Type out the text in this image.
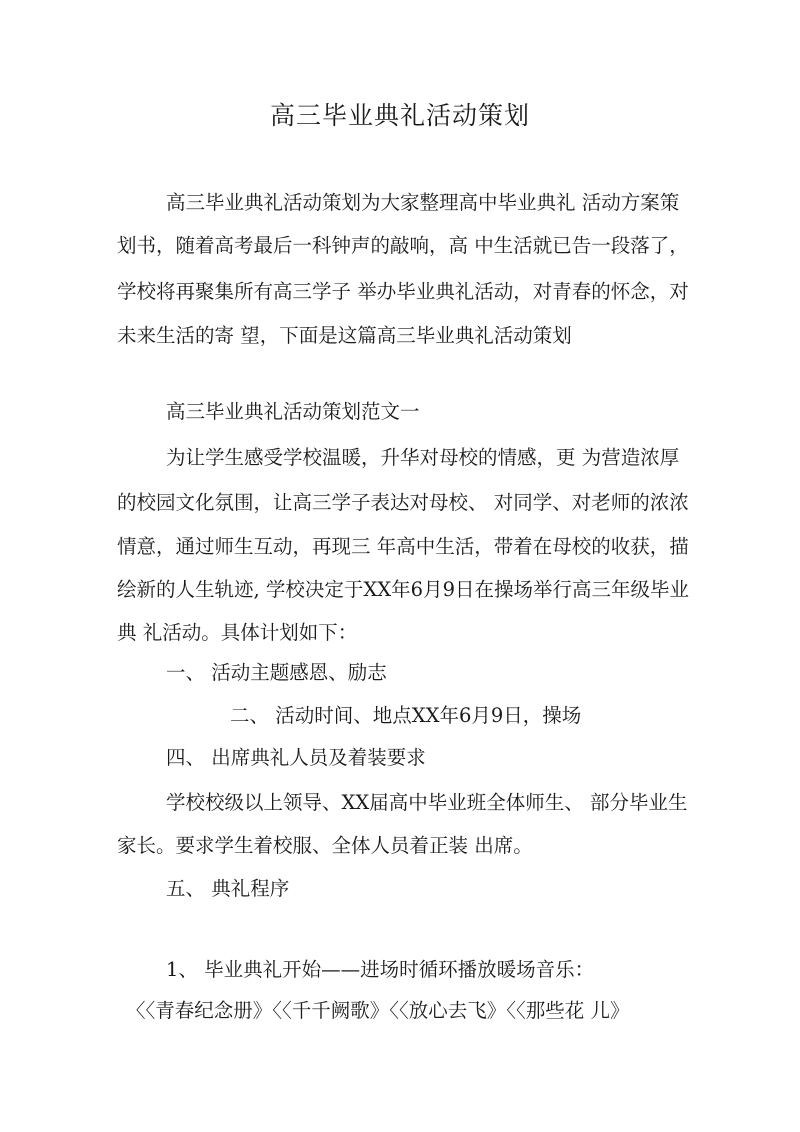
高三毕业典礼活动策划
高三毕业典礼活动策划为大家整理高中毕业典礼 活动方案策
划书，随着高考最后一科钟声的敲响，高 中生活就已告一段落了，
学校将再聚集所有高三学子 举办毕业典礼活动，对青春的怀念，对
未来生活的寄 望，下面是这篇高三毕业典礼活动策划
高三毕业典礼活动策划范文一
为让学生感受学校温暖，升华对母校的情感，更 为营造浓厚
的校园文化氛围，让高三学子表达对母校、 对同学、对老师的浓浓
情意，通过师生互动，再现三 年高中生活，带着在母校的收获，描
绘新的人生轨迹, 学校决定于XX年6月9日在操场举行高三年级毕业
典 礼活动。具体计划如下：
一、 活动主题感恩、励志
二、 活动时间、地点XX年6月9日，操场
四、 出席典礼人员及着装要求
学校校级以上领导、XX届高中毕业班全体师生、 部分毕业生
家长。要求学生着校服、全体人员着正装 出席。
五、 典礼程序
1、 毕业典礼开始——进场时循环播放暖场音乐：
〈〈青春纪念册》〈〈千千阙歌》〈〈放心去飞》〈〈那些花 儿》
